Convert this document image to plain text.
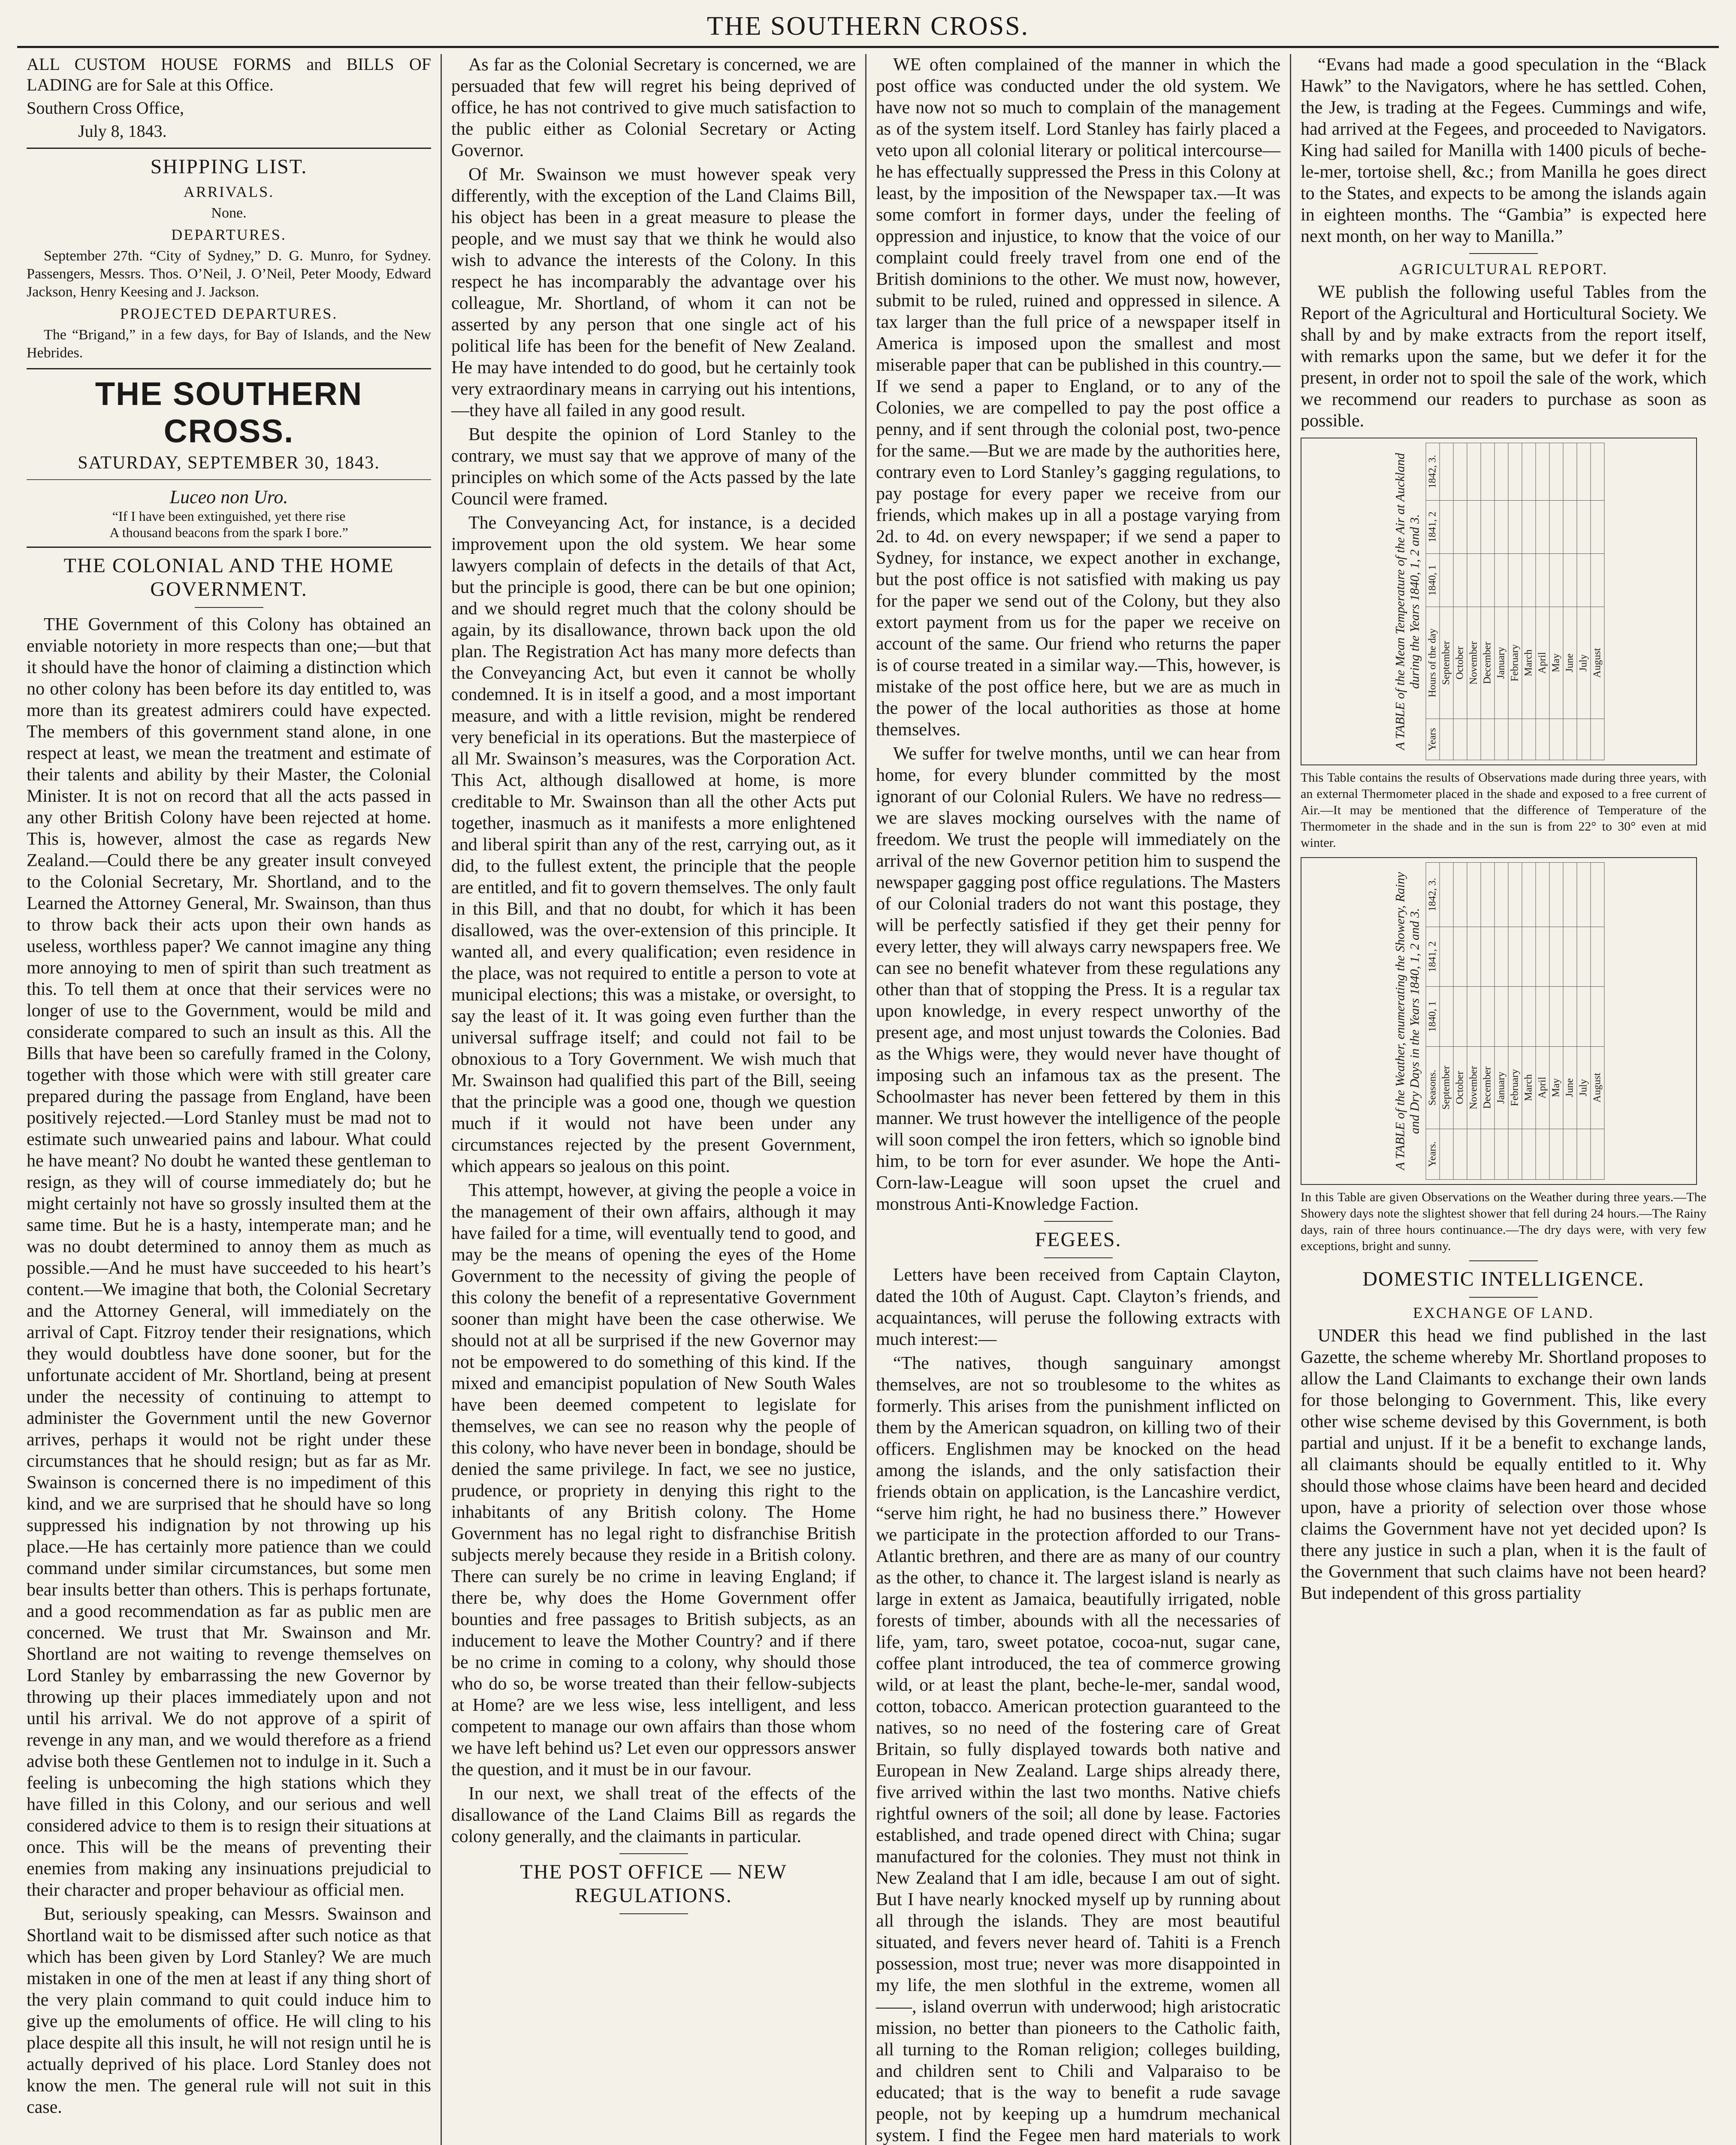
THE SOUTHERN CROSS.

ALL CUSTOM HOUSE FORMS and BILLS OF LADING are for Sale at this Office.

Southern Cross Office,

July 8, 1843.

SHIPPING LIST.
ARRIVALS.

None.

DEPARTURES.

September 27th. “City of Sydney,” D. G. Munro, for Sydney. Passengers, Messrs. Thos. O’Neil, J. O’Neil, Peter Moody, Edward Jackson, Henry Keesing and J. Jackson.

PROJECTED DEPARTURES.

The “Brigand,” in a few days, for Bay of Islands, and the New Hebrides.

THE SOUTHERN CROSS.
SATURDAY, SEPTEMBER 30, 1843.
Luceo non Uro.
“If I have been extinguished, yet there rise
A thousand beacons from the spark I bore.”
THE COLONIAL AND THE HOME GOVERNMENT.

THE Government of this Colony has obtained an enviable notoriety in more respects than one;—but that it should have the honor of claiming a distinction which no other colony has been before its day entitled to, was more than its greatest admirers could have expected. The members of this government stand alone, in one respect at least, we mean the treatment and estimate of their talents and ability by their Master, the Colonial Minister. It is not on record that all the acts passed in any other British Colony have been rejected at home. This is, however, almost the case as regards New Zealand.—Could there be any greater insult conveyed to the Colonial Secretary, Mr. Shortland, and to the Learned the Attorney General, Mr. Swainson, than thus to throw back their acts upon their own hands as useless, worthless paper? We cannot imagine any thing more annoying to men of spirit than such treatment as this. To tell them at once that their services were no longer of use to the Government, would be mild and considerate compared to such an insult as this. All the Bills that have been so carefully framed in the Colony, together with those which were with still greater care prepared during the passage from England, have been positively rejected.—Lord Stanley must be mad not to estimate such unwearied pains and labour. What could he have meant? No doubt he wanted these gentleman to resign, as they will of course immediately do; but he might certainly not have so grossly insulted them at the same time. But he is a hasty, intemperate man; and he was no doubt determined to annoy them as much as possible.—And he must have succeeded to his heart’s content.—We imagine that both, the Colonial Secretary and the Attorney General, will immediately on the arrival of Capt. Fitzroy tender their resignations, which they would doubtless have done sooner, but for the unfortunate accident of Mr. Shortland, being at present under the necessity of continuing to attempt to administer the Government until the new Governor arrives, perhaps it would not be right under these circumstances that he should resign; but as far as Mr. Swainson is concerned there is no impediment of this kind, and we are surprised that he should have so long suppressed his indignation by not throwing up his place.—He has certainly more patience than we could command under similar circumstances, but some men bear insults better than others. This is perhaps fortunate, and a good recommendation as far as public men are concerned. We trust that Mr. Swainson and Mr. Shortland are not waiting to revenge themselves on Lord Stanley by embarrassing the new Governor by throwing up their places immediately upon and not until his arrival. We do not approve of a spirit of revenge in any man, and we would therefore as a friend advise both these Gentlemen not to indulge in it. Such a feeling is unbecoming the high stations which they have filled in this Colony, and our serious and well considered advice to them is to resign their situations at once. This will be the means of preventing their enemies from making any insinuations prejudicial to their character and proper behaviour as official men.

But, seriously speaking, can Messrs. Swainson and Shortland wait to be dismissed after such notice as that which has been given by Lord Stanley? We are much mistaken in one of the men at least if any thing short of the very plain command to quit could induce him to give up the emoluments of office. He will cling to his place despite all this insult, he will not resign until he is actually deprived of his place. Lord Stanley does not know the men. The general rule will not suit in this case.

As far as the Colonial Secretary is concerned, we are persuaded that few will regret his being deprived of office, he has not contrived to give much satisfaction to the public either as Colonial Secretary or Acting Governor.

Of Mr. Swainson we must however speak very differently, with the exception of the Land Claims Bill, his object has been in a great measure to please the people, and we must say that we think he would also wish to advance the interests of the Colony. In this respect he has incomparably the advantage over his colleague, Mr. Shortland, of whom it can not be asserted by any person that one single act of his political life has been for the benefit of New Zealand. He may have intended to do good, but he certainly took very extraordinary means in carrying out his intentions,—they have all failed in any good result.

But despite the opinion of Lord Stanley to the contrary, we must say that we approve of many of the principles on which some of the Acts passed by the late Council were framed.

The Conveyancing Act, for instance, is a decided improvement upon the old system. We hear some lawyers complain of defects in the details of that Act, but the principle is good, there can be but one opinion; and we should regret much that the colony should be again, by its disallowance, thrown back upon the old plan. The Registration Act has many more defects than the Conveyancing Act, but even it cannot be wholly condemned. It is in itself a good, and a most important measure, and with a little revision, might be rendered very beneficial in its operations. But the masterpiece of all Mr. Swainson’s measures, was the Corporation Act. This Act, although disallowed at home, is more creditable to Mr. Swainson than all the other Acts put together, inasmuch as it manifests a more enlightened and liberal spirit than any of the rest, carrying out, as it did, to the fullest extent, the principle that the people are entitled, and fit to govern themselves. The only fault in this Bill, and that no doubt, for which it has been disallowed, was the over-extension of this principle. It wanted all, and every qualification; even residence in the place, was not required to entitle a person to vote at municipal elections; this was a mistake, or oversight, to say the least of it. It was going even further than the universal suffrage itself; and could not fail to be obnoxious to a Tory Government. We wish much that Mr. Swainson had qualified this part of the Bill, seeing that the principle was a good one, though we question much if it would not have been under any circumstances rejected by the present Government, which appears so jealous on this point.

This attempt, however, at giving the people a voice in the management of their own affairs, although it may have failed for a time, will eventually tend to good, and may be the means of opening the eyes of the Home Government to the necessity of giving the people of this colony the benefit of a representative Government sooner than might have been the case otherwise. We should not at all be surprised if the new Governor may not be empowered to do something of this kind. If the mixed and emancipist population of New South Wales have been deemed competent to legislate for themselves, we can see no reason why the people of this colony, who have never been in bondage, should be denied the same privilege. In fact, we see no justice, prudence, or propriety in denying this right to the inhabitants of any British colony. The Home Government has no legal right to disfranchise British subjects merely because they reside in a British colony. There can surely be no crime in leaving England; if there be, why does the Home Government offer bounties and free passages to British subjects, as an inducement to leave the Mother Country? and if there be no crime in coming to a colony, why should those who do so, be worse treated than their fellow-subjects at Home? are we less wise, less intelligent, and less competent to manage our own affairs than those whom we have left behind us? Let even our oppressors answer the question, and it must be in our favour.

In our next, we shall treat of the effects of the disallowance of the Land Claims Bill as regards the colony generally, and the claimants in particular.

THE POST OFFICE — NEW REGULATIONS.

WE often complained of the manner in which the post office was conducted under the old system. We have now not so much to complain of the management as of the system itself. Lord Stanley has fairly placed a veto upon all colonial literary or political intercourse—he has effectually suppressed the Press in this Colony at least, by the imposition of the Newspaper tax.—It was some comfort in former days, under the feeling of oppression and injustice, to know that the voice of our complaint could freely travel from one end of the British dominions to the other. We must now, however, submit to be ruled, ruined and oppressed in silence. A tax larger than the full price of a newspaper itself in America is imposed upon the smallest and most miserable paper that can be published in this country.—If we send a paper to England, or to any of the Colonies, we are compelled to pay the post office a penny, and if sent through the colonial post, two-pence for the same.—But we are made by the authorities here, contrary even to Lord Stanley’s gagging regulations, to pay postage for every paper we receive from our friends, which makes up in all a postage varying from 2d. to 4d. on every newspaper; if we send a paper to Sydney, for instance, we expect another in exchange, but the post office is not satisfied with making us pay for the paper we send out of the Colony, but they also extort payment from us for the paper we receive on account of the same. Our friend who returns the paper is of course treated in a similar way.—This, however, is mistake of the post office here, but we are as much in the power of the local authorities as those at home themselves.

We suffer for twelve months, until we can hear from home, for every blunder committed by the most ignorant of our Colonial Rulers. We have no redress—we are slaves mocking ourselves with the name of freedom. We trust the people will immediately on the arrival of the new Governor petition him to suspend the newspaper gagging post office regulations. The Masters of our Colonial traders do not want this postage, they will be perfectly satisfied if they get their penny for every letter, they will always carry newspapers free. We can see no benefit whatever from these regulations any other than that of stopping the Press. It is a regular tax upon knowledge, in every respect unworthy of the present age, and most unjust towards the Colonies. Bad as the Whigs were, they would never have thought of imposing such an infamous tax as the present. The Schoolmaster has never been fettered by them in this manner. We trust however the intelligence of the people will soon compel the iron fetters, which so ignoble bind him, to be torn for ever asunder. We hope the Anti-Corn-law-League will soon upset the cruel and monstrous Anti-Knowledge Faction.

FEGEES.

Letters have been received from Captain Clayton, dated the 10th of August. Capt. Clayton’s friends, and acquaintances, will peruse the following extracts with much interest:—

“The natives, though sanguinary amongst themselves, are not so troublesome to the whites as formerly. This arises from the punishment inflicted on them by the American squadron, on killing two of their officers. Englishmen may be knocked on the head among the islands, and the only satisfaction their friends obtain on application, is the Lancashire verdict, “serve him right, he had no business there.” However we participate in the protection afforded to our Trans-Atlantic brethren, and there are as many of our country as the other, to chance it. The largest island is nearly as large in extent as Jamaica, beautifully irrigated, noble forests of timber, abounds with all the necessaries of life, yam, taro, sweet potatoe, cocoa-nut, sugar cane, coffee plant introduced, the tea of commerce growing wild, or at least the plant, beche-le-mer, sandal wood, cotton, tobacco. American protection guaranteed to the natives, so no need of the fostering care of Great Britain, so fully displayed towards both native and European in New Zealand. Large ships already there, five arrived within the last two months. Native chiefs rightful owners of the soil; all done by lease. Factories established, and trade opened direct with China; sugar manufactured for the colonies. They must not think in New Zealand that I am idle, because I am out of sight. But I have nearly knocked myself up by running about all through the islands. They are most beautiful situated, and fevers never heard of. Tahiti is a French possession, most true; never was more disappointed in my life, the men slothful in the extreme, women all ——, island overrun with underwood; high aristocratic mission, no better than pioneers to the Catholic faith, all turning to the Roman religion; colleges building, and children sent to Chili and Valparaiso to be educated; that is the way to benefit a rude savage people, not by keeping up a humdrum mechanical system. I find the Fegee men hard materials to work

“Evans had made a good speculation in the “Black Hawk” to the Navigators, where he has settled. Cohen, the Jew, is trading at the Fegees. Cummings and wife, had arrived at the Fegees, and proceeded to Navigators. King had sailed for Manilla with 1400 piculs of beche-le-mer, tortoise shell, &c.; from Manilla he goes direct to the States, and expects to be among the islands again in eighteen months. The “Gambia” is expected here next month, on her way to Manilla.”

AGRICULTURAL REPORT.

WE publish the following useful Tables from the Report of the Agricultural and Horticultural Society. We shall by and by make extracts from the report itself, with remarks upon the same, but we defer it for the present, in order not to spoil the sale of the work, which we recommend our readers to purchase as soon as possible.

A TABLE of the Mean Temperature of the Air at Auckland during the Years 1840, 1, 2 and 3.
Years	Hours of the day	1840, 1	1841, 2	1842, 3.
	September			
	October			
	November			
	December			
	January			
	February			
	March			
	April			
	May			
	June			
	July			
	August			

This Table contains the results of Observations made during three years, with an external Thermometer placed in the shade and exposed to a free current of Air.—It may be mentioned that the difference of Temperature of the Thermometer in the shade and in the sun is from 22° to 30° even at mid winter.

A TABLE of the Weather, enumerating the Showery, Rainy and Dry Days in the Years 1840, 1, 2 and 3.
Years.	Seasons.	1840, 1	1841, 2	1842, 3.
	September			
	October			
	November			
	December			
	January			
	February			
	March			
	April			
	May			
	June			
	July			
	August			

In this Table are given Observations on the Weather during three years.—The Showery days note the slightest shower that fell during 24 hours.—The Rainy days, rain of three hours continuance.—The dry days were, with very few exceptions, bright and sunny.

DOMESTIC INTELLIGENCE.
EXCHANGE OF LAND.

UNDER this head we find published in the last Gazette, the scheme whereby Mr. Shortland proposes to allow the Land Claimants to exchange their own lands for those belonging to Government. This, like every other wise scheme devised by this Government, is both partial and unjust. If it be a benefit to exchange lands, all claimants should be equally entitled to it. Why should those whose claims have been heard and decided upon, have a priority of selection over those whose claims the Government have not yet decided upon? Is there any justice in such a plan, when it is the fault of the Government that such claims have not been heard? But independent of this gross partiality
